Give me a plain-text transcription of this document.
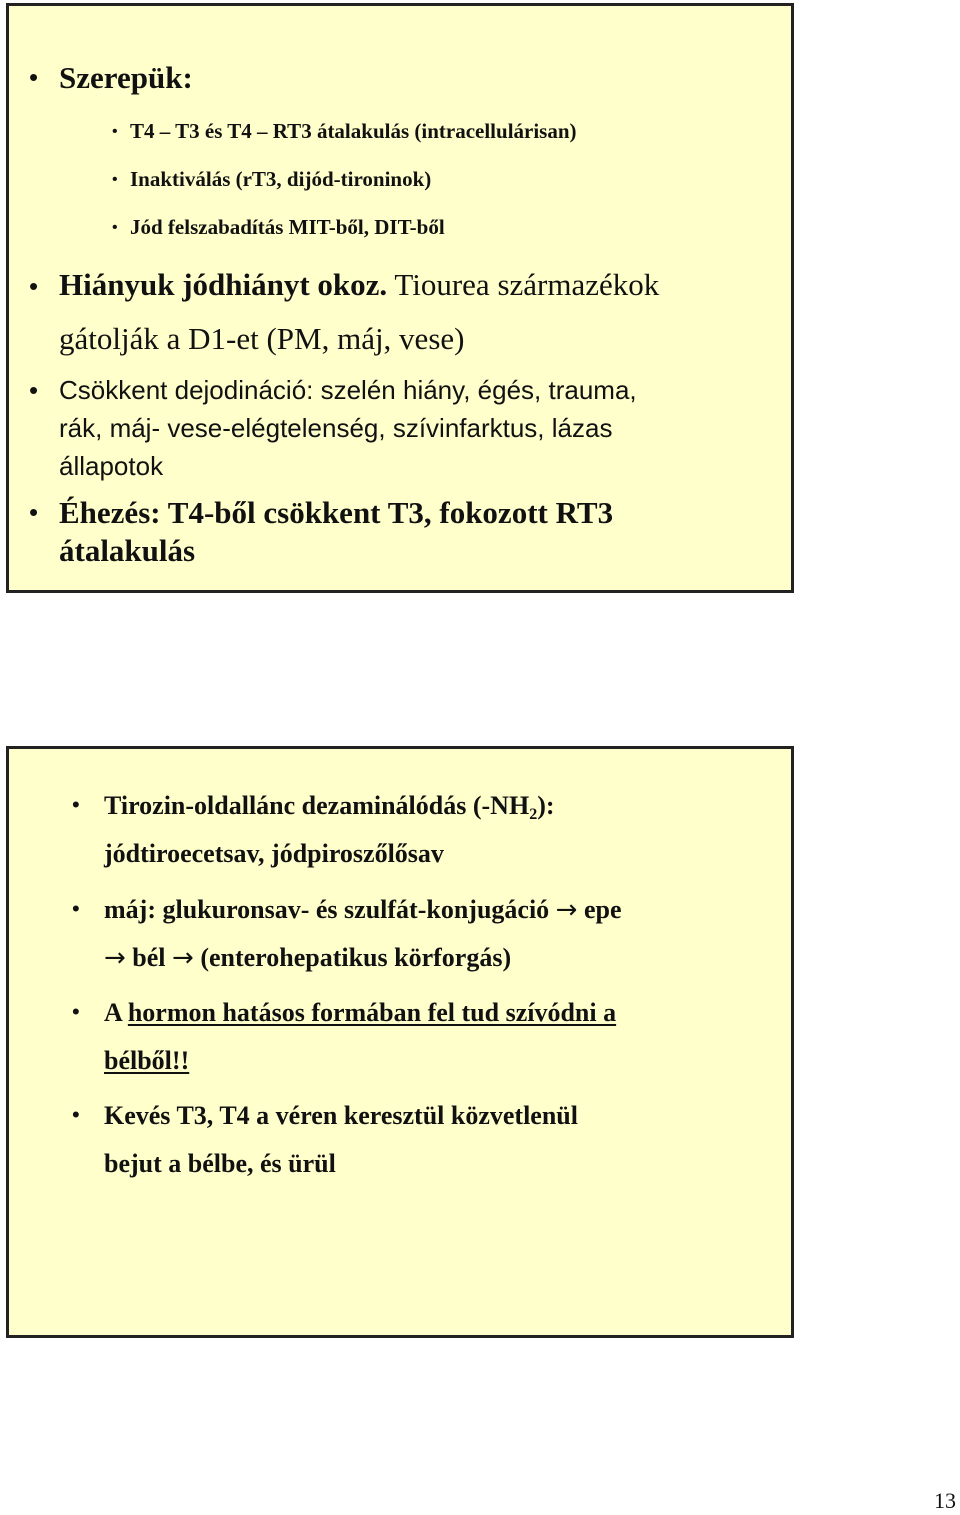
• Szerepük:
• T4 – T3 és T4 – RT3 átalakulás (intracellulárisan)
• Inaktiválás (rT3, dijód-tironinok)
• Jód felszabadítás MIT-ből, DIT-ből
• Hiányuk jódhiányt okoz. Tiourea származékok
gátolják a D1-et (PM, máj, vese)
• Csökkent dejodináció: szelén hiány, égés, trauma,
rák, máj- vese-elégtelenség, szívinfarktus, lázas
állapotok
• Éhezés: T4-ből csökkent T3, fokozott RT3
átalakulás
• Tirozin-oldallánc dezaminálódás $(-NH_2)$:
jódtiroecetsav, jódpiroszőlősav
• máj: glukuronsav- és szulfát-konjugáció → epe
→ bél → (enterohepatikus körforgás)
• A hormon hatásos formában fel tud szívódni a
bélből!!
• Kevés T3, T4 a véren keresztül közvetlenül
bejut a bélbe, és ürül
13
